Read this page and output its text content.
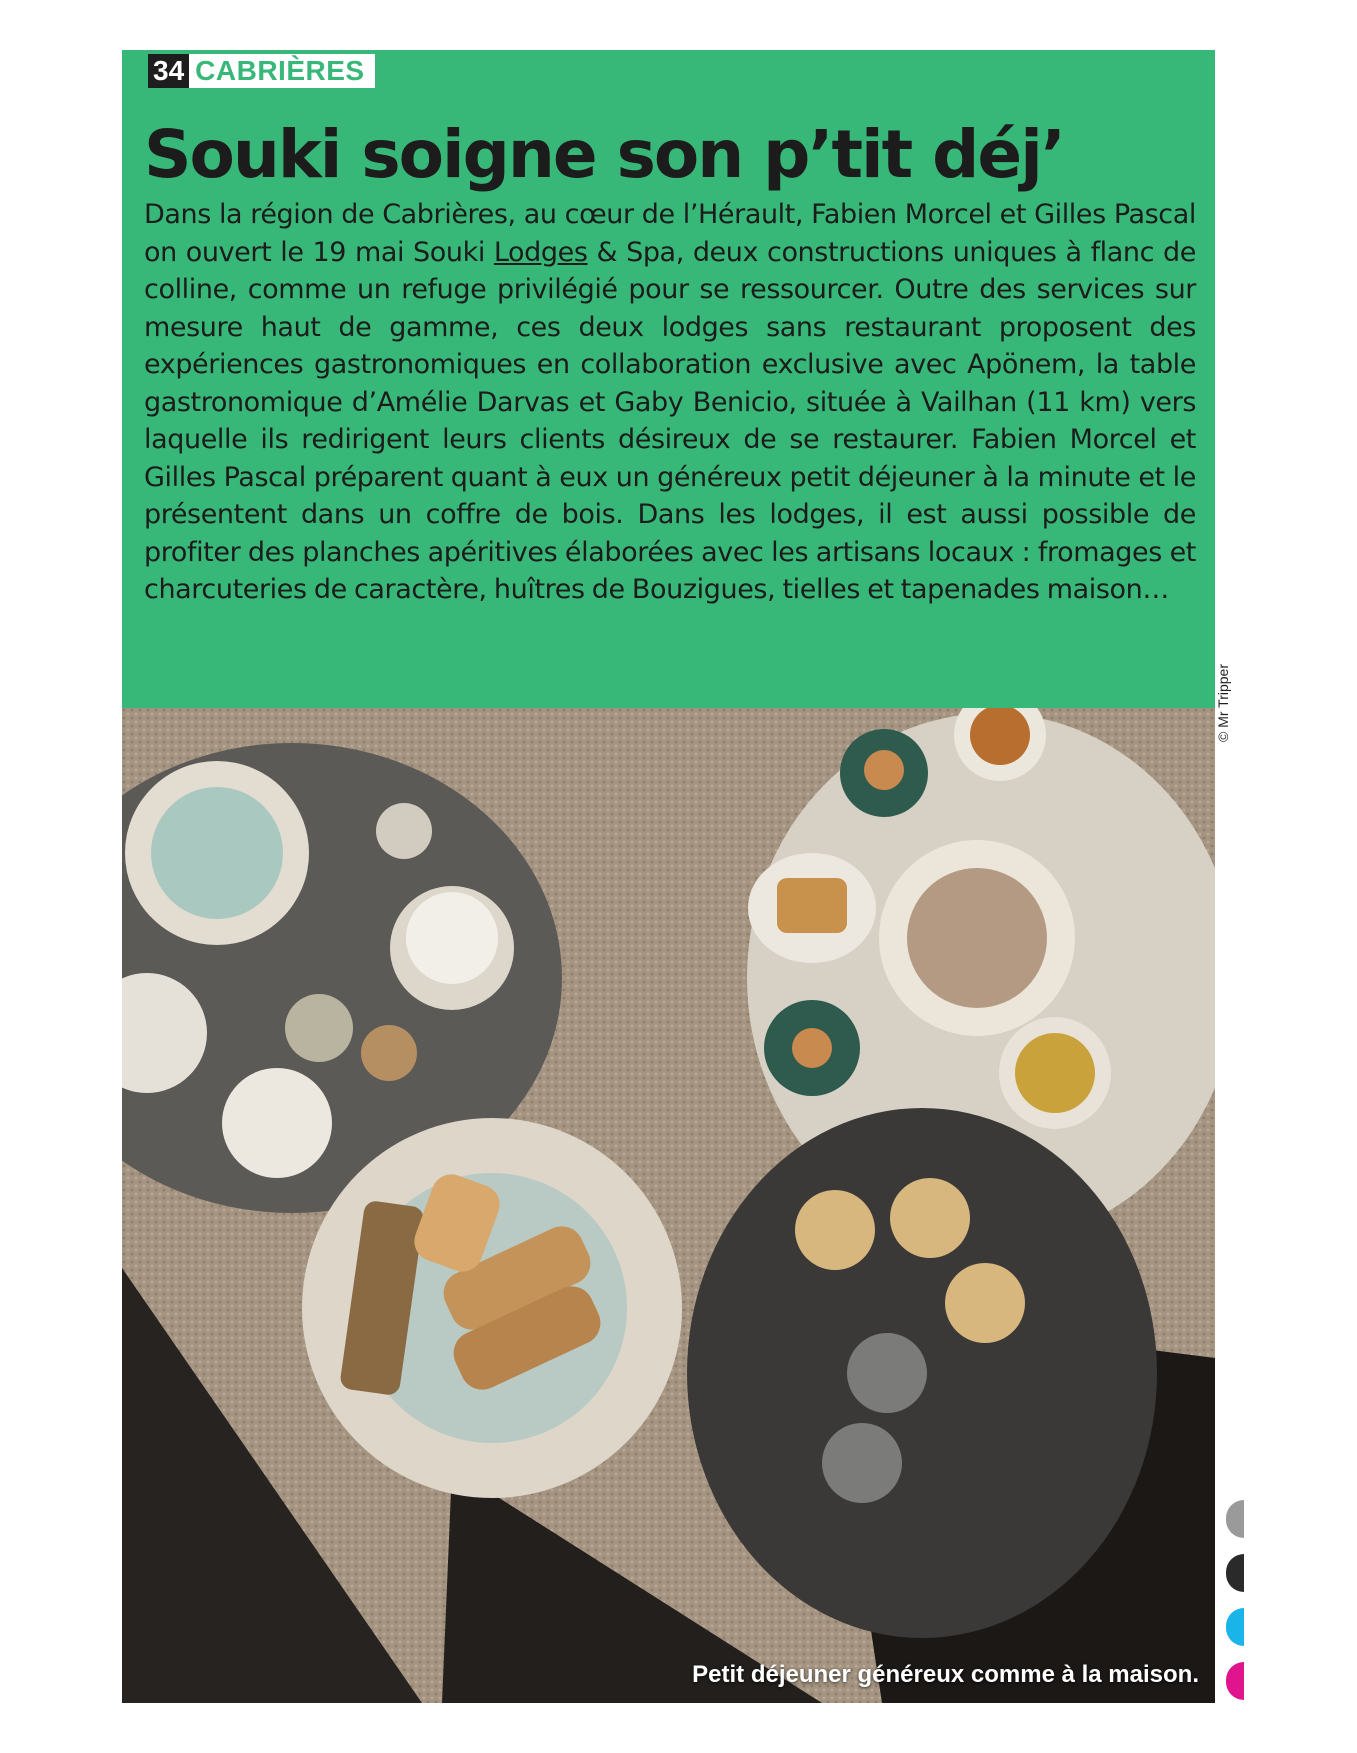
34 CABRIÈRES
Souki soigne son p’tit déj’

Dans la région de Cabrières, au cœur de l’Hérault, Fabien Morcel et Gilles Pascal on ouvert le 19 mai Souki Lodges & Spa, deux constructions uniques à flanc de colline, comme un refuge privilégié pour se ressourcer. Outre des services sur mesure haut de gamme, ces deux lodges sans restaurant proposent des expériences gastronomiques en collaboration exclusive avec Apönem, la table gastronomique d’Amélie Darvas et Gaby Benicio, située à Vailhan (11 km) vers laquelle ils redirigent leurs clients désireux de se restaurer. Fabien Morcel et Gilles Pascal préparent quant à eux un généreux petit déjeuner à la minute et le présentent dans un coffre de bois. Dans les lodges, il est aussi possible de profiter des planches apéritives élaborées avec les artisans locaux : fromages et charcuteries de caractère, huîtres de Bouzigues, tielles et tapenades maison…

Petit déjeuner généreux comme à la maison.
© Mr Tripper
